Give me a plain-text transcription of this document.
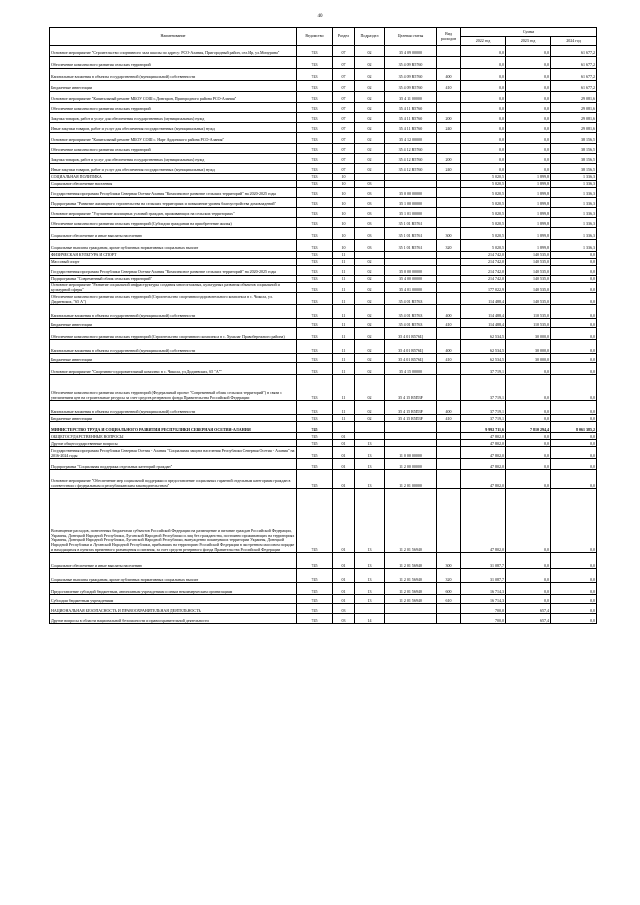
40
Наименование	Ведомство	Раздел	Подраздел	Целевая статья	Вид расходов	Сумма		
						2022 год	2023 год	2024 год
Основное мероприятие "Строительство спортивного зала школы по адресу: РСО-Алания, Пригородный район, сел.Ир, ул.Мичурина"	743	07	02	35 4 09 00000		0,0	0,0	61 677,2
Обеспечение комплексного развития сельских территорий	743	07	02	35 4 09 R5760		0,0	0,0	61 677,2
Капитальные вложения в объекты государственной (муниципальной) собственности	743	07	02	35 4 09 R5760	400	0,0	0,0	61 677,2
Бюджетные инвестиции	743	07	02	35 4 09 R5760	410	0,0	0,0	61 677,2
Основное мероприятие "Капитальный ремонт МБОУ СОШ с.Донгарон, Пригородного района РСО-Алания"	743	07	02	35 4 11 00000		0,0	0,0	29 081,6
Обеспечение комплексного развития сельских территорий	743	07	02	35 4 11 R5760		0,0	0,0	29 081,6
Закупка товаров, работ и услуг для обеспечения государственных (муниципальных) нужд	743	07	02	35 4 11 R5760	200	0,0	0,0	29 081,6
Иные закупки товаров, работ и услуг для обеспечения государственных (муниципальных) нужд	743	07	02	35 4 11 R5760	240	0,0	0,0	29 081,6
Основное мероприятие "Капитальный ремонт МБОУ СОШ с. Нарт Ардонского района РСО-Алания"	743	07	02	35 4 12 00000		0,0	0,0	38 156,5
Обеспечение комплексного развития сельских территорий	743	07	02	35 4 12 R5760		0,0	0,0	38 156,5
Закупка товаров, работ и услуг для обеспечения государственных (муниципальных) нужд	743	07	02	35 4 12 R5760	200	0,0	0,0	38 156,5
Иные закупки товаров, работ и услуг для обеспечения государственных (муниципальных) нужд	743	07	02	35 4 12 R5760	240	0,0	0,0	38 156,5
СОЦИАЛЬНАЯ ПОЛИТИКА	743	10				5 020,5	1 899,8	1 336,3
Социальное обеспечение населения	743	10	03			5 020,5	1 899,8	1 336,3
Государственная программа Республики Северная Осетия-Алания "Комплексное развитие сельских территорий" на 2020-2025 годы	743	10	03	35 0 00 00000		5 020,5	1 899,8	1 336,3
Подпрограмма "Развитие жилищного строительства на сельских территориях и повышение уровня благоустройства домовладений"	743	10	03	35 1 00 00000		5 020,5	1 899,8	1 336,3
Основное мероприятие "Улучшение жилищных условий граждан, проживающих на сельских территориях"	743	10	03	35 1 01 00000		5 020,5	1 899,8	1 336,3
Обеспечение комплексного развития сельских территорий (Субсидии гражданам на приобретение жилья)	743	10	03	35 1 01 R5761		5 020,5	1 899,8	1 336,3
Социальное обеспечение и иные выплаты населению	743	10	03	35 1 01 R5761	300	5 020,5	1 899,8	1 336,3
Социальные выплаты гражданам, кроме публичных нормативных социальных выплат	743	10	03	35 1 01 R5761	320	5 020,5	1 899,8	1 336,3
ФИЗИЧЕСКАЯ КУЛЬТУРА И СПОРТ	743	11				214 742,0	140 535,0	0,0
Массовый спорт	743	11	02			214 742,0	140 535,0	0,0
Государственная программа Республики Северная Осетия-Алания "Комплексное развитие сельских территорий" на 2020-2025 годы	743	11	02	35 0 00 00000		214 742,0	140 535,0	0,0
Подпрограмма "Современный облик сельских территорий"	743	11	02	35 4 00 00000		214 742,0	140 535,0	0,0
Основное мероприятие "Развитие социальной инфраструктуры создания многоэтажных, культурных развития объектов социальной и культурной сферы"	743	11	02	35 4 01 00000		177 022,9	140 535,0	0,0
Обеспечение комплексного развития сельских территорий (Строительство спортивнооздоровительного комплекса в с. Чикола, ул. Дидиевских, "65 А")	743	11	02	35 4 01 R5763		114 488,4	140 535,0	0,0
Капитальные вложения в объекты государственной (муниципальной) собственности	743	11	02	35 4 01 R5763	400	114 488,4	110 535,0	0,0
Бюджетные инвестиции	743	11	02	35 4 01 R5763	410	114 488,4	110 535,0	0,0
Обеспечение комплексного развития сельских территорий (Строительство спортивного комплекса в с. Хумалаг Правобережного района)	743	11	02	35 4 01 R576Ц		62 534,5	30 000,0	0,0
Капитальные вложения в объекты государственной (муниципальной) собственности	743	11	02	35 4 01 R576Ц	400	62 534,5	30 000,0	0,0
Бюджетные инвестиции	743	11	02	35 4 01 R576Ц	410	62 534,5	30 000,0	0,0
Основное мероприятие "Спортивно-оздоровительный комплекс в с. Чикола, ул.Дидиевских, 65 "А""	743	11	02	35 4 15 00000		37 719,1	0,0	0,0
Обеспечение комплексного развития сельских территорий (Федеральный проект "Современный облик сельских территорий") в связи с увеличением цен на строительные ресурсы за счет средств резервного фонда Правительства Российской Федерации	743	11	02	35 4 15 R5П3F		37 719,1	0,0	0,0
Капитальные вложения в объекты государственной (муниципальной) собственности	743	11	02	35 4 15 R5П3F	400	37 719,1	0,0	0,0
Бюджетные инвестиции	743	11	02	35 4 15 R5П3F	410	37 719,1	0,0	0,0
МИНИСТЕРСТВО ТРУДА И СОЦИАЛЬНОГО РАЗВИТИЯ РЕСПУБЛИКИ СЕВЕРНАЯ ОСЕТИЯ-АЛАНИЯ	745					9 992 711,6	7 810 294,4	8 061 385,2
ОБЩЕГОСУДАРСТВЕННЫЕ ВОПРОСЫ	745	01				47 802,0	0,0	0,0
Другие общегосударственные вопросы	745	01	13			47 802,0	0,0	0,0
Государственная программа Республики Северная Осетия - Алания "Социальная защита населения Республики Северная Осетия - Алания" на 2016-2024 годы	745	01	13	11 0 00 00000		47 802,0	0,0	0,0
Подпрограмма "Социальная поддержка отдельных категорий граждан"	745	01	13	11 2 00 00000		47 802,0	0,0	0,0
Основное мероприятие "Обеспечение мер социальной поддержки и предоставление социальных гарантий отдельным категориям граждан в соответствии с федеральным и республиканским законодательством"	745	01	13	11 2 01 00000		47 802,0	0,0	0,0
Возмещение расходов, понесенных бюджетами субъектов Российской Федерации на размещение и питание граждан Российской Федерации, Украины, Донецкой Народной Республики, Луганской Народной Республики и лиц без гражданства, постоянно проживающих на территориях Украины, Донецкой Народной Республики, Луганской Народной Республики, вынужденно покинувших территории Украины, Донецкой Народной Республики и Луганской Народной Республики, прибывших на территорию Российской Федерации в экстренном массовом порядке и находящихся в пунктах временного размещения и питания, за счет средств резервного фонда Правительства Российской Федерации	745	01	13	11 2 01 56940		47 802,0	0,0	0,0
Социальное обеспечение и иные выплаты населению	745	01	13	11 2 01 56940	300	31 087,7	0,0	0,0
Социальные выплаты гражданам, кроме публичных нормативных социальных выплат	745	01	13	11 2 01 56940	320	31 087,7	0,0	0,0
Предоставление субсидий бюджетным, автономным учреждениям и иным некоммерческим организациям	745	01	13	11 2 01 56940	600	16 714,3	0,0	0,0
Субсидии бюджетным учреждениям	745	01	13	11 2 01 56940	610	16 714,3	0,0	0,0
НАЦИОНАЛЬНАЯ БЕЗОПАСНОСТЬ И ПРАВООХРАНИТЕЛЬНАЯ ДЕЯТЕЛЬНОСТЬ	745	03				700,0	657,4	0,0
Другие вопросы в области национальной безопасности и правоохранительной деятельности	745	03	14			700,0	657,4	0,0
